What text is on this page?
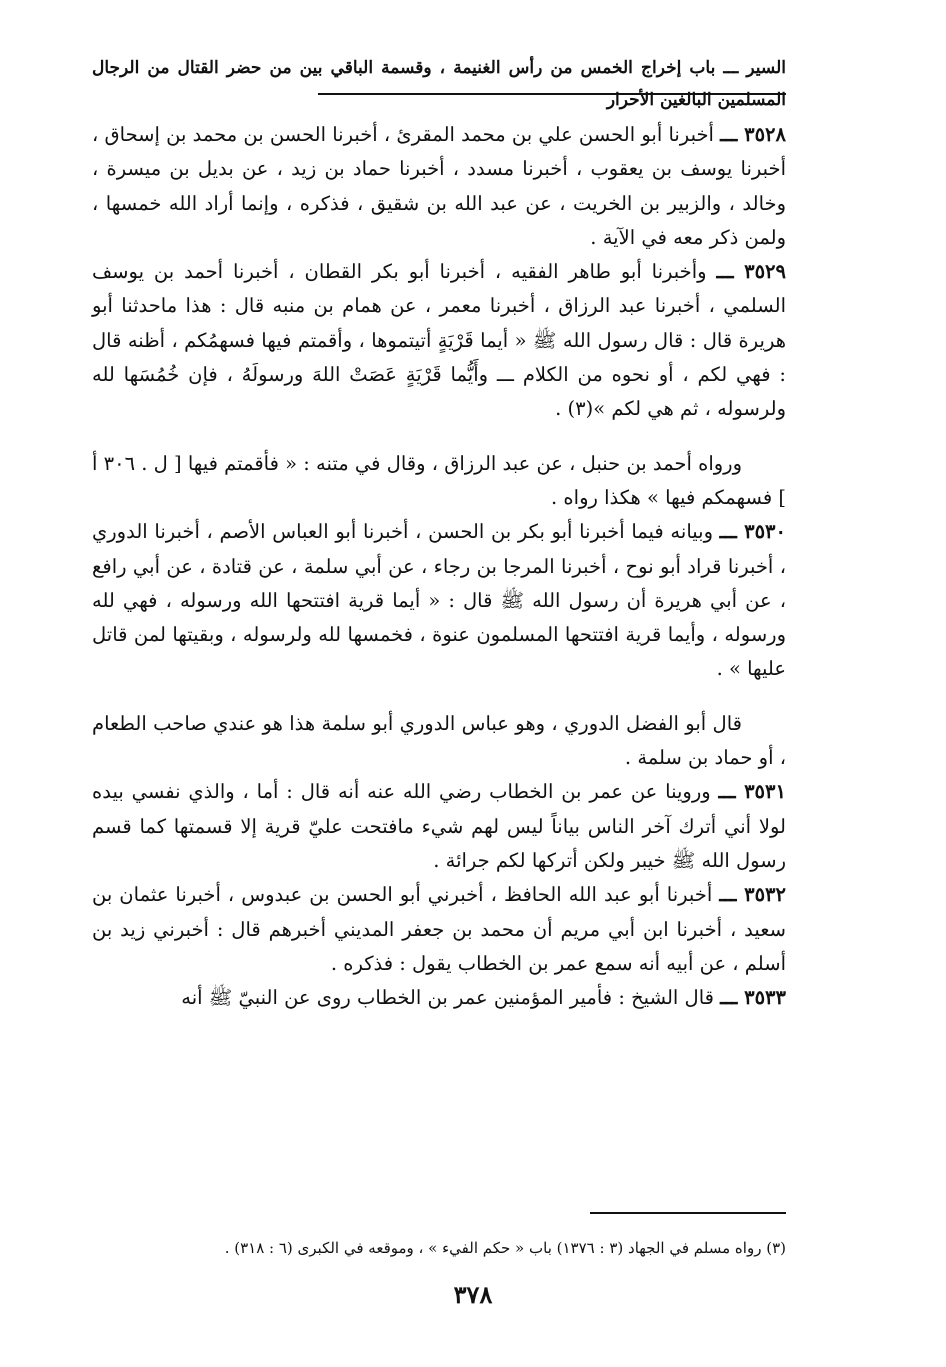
السير ـــ باب إخراج الخمس من رأس الغنيمة ، وقسمة الباقي بين من حضر القتال من الرجال المسلمين البالغين الأحرار

٣٥٢٨ ـــ أخبرنا أبو الحسن علي بن محمد المقرئ ، أخبرنا الحسن بن محمد بن إسحاق ، أخبرنا يوسف بن يعقوب ، أخبرنا مسدد ، أخبرنا حماد بن زيد ، عن بديل بن ميسرة ، وخالد ، والزبير بن الخريت ، عن عبد الله بن شقيق ، فذكره ، وإنما أراد الله خمسها ، ولمن ذكر معه في الآية .

٣٥٢٩ ـــ وأخبرنا أبو طاهر الفقيه ، أخبرنا أبو بكر القطان ، أخبرنا أحمد بن يوسف السلمي ، أخبرنا عبد الرزاق ، أخبرنا معمر ، عن همام بن منبه قال : هذا ماحدثنا أبو هريرة قال : قال رسول الله ﷺ « أيما قَرْيَةٍ أتيتموها ، وأقمتم فيها فسهمُكم ، أظنه قال : فهي لكم ، أو نحوه من الكلام ـــ وأَيُّما قَرْيَةٍ عَصَتْ اللهَ ورسولَهُ ، فإن خُمُسَها لله ولرسوله ، ثم هي لكم »(٣) .

ورواه أحمد بن حنبل ، عن عبد الرزاق ، وقال في متنه : « فأقمتم فيها [ ل . ٣٠٦ أ ] فسهمكم فيها » هكذا رواه .

٣٥٣٠ ـــ وبيانه فيما أخبرنا أبو بكر بن الحسن ، أخبرنا أبو العباس الأصم ، أخبرنا الدوري ، أخبرنا قراد أبو نوح ، أخبرنا المرجا بن رجاء ، عن أبي سلمة ، عن قتادة ، عن أبي رافع ، عن أبي هريرة أن رسول الله ﷺ قال : « أيما قرية افتتحها الله ورسوله ، فهي لله ورسوله ، وأيما قرية افتتحها المسلمون عنوة ، فخمسها لله ولرسوله ، وبقيتها لمن قاتل عليها » .

قال أبو الفضل الدوري ، وهو عباس الدوري أبو سلمة هذا هو عندي صاحب الطعام ، أو حماد بن سلمة .

٣٥٣١ ـــ وروينا عن عمر بن الخطاب رضي الله عنه أنه قال : أما ، والذي نفسي بيده لولا أني أترك آخر الناس بياناً ليس لهم شيء مافتحت عليّ قرية إلا قسمتها كما قسم رسول الله ﷺ خيبر ولكن أتركها لكم جرائة .

٣٥٣٢ ـــ أخبرنا أبو عبد الله الحافظ ، أخبرني أبو الحسن بن عبدوس ، أخبرنا عثمان بن سعيد ، أخبرنا ابن أبي مريم أن محمد بن جعفر المديني أخبرهم قال : أخبرني زيد بن أسلم ، عن أبيه أنه سمع عمر بن الخطاب يقول : فذكره .

٣٥٣٣ ـــ قال الشيخ : فأمير المؤمنين عمر بن الخطاب روى عن النبيّ ﷺ أنه

(٣) رواه مسلم في الجهاد (٣ : ١٣٧٦) باب « حكم الفيء » ، وموقعه في الكبرى (٦ : ٣١٨) .
٣٧٨
